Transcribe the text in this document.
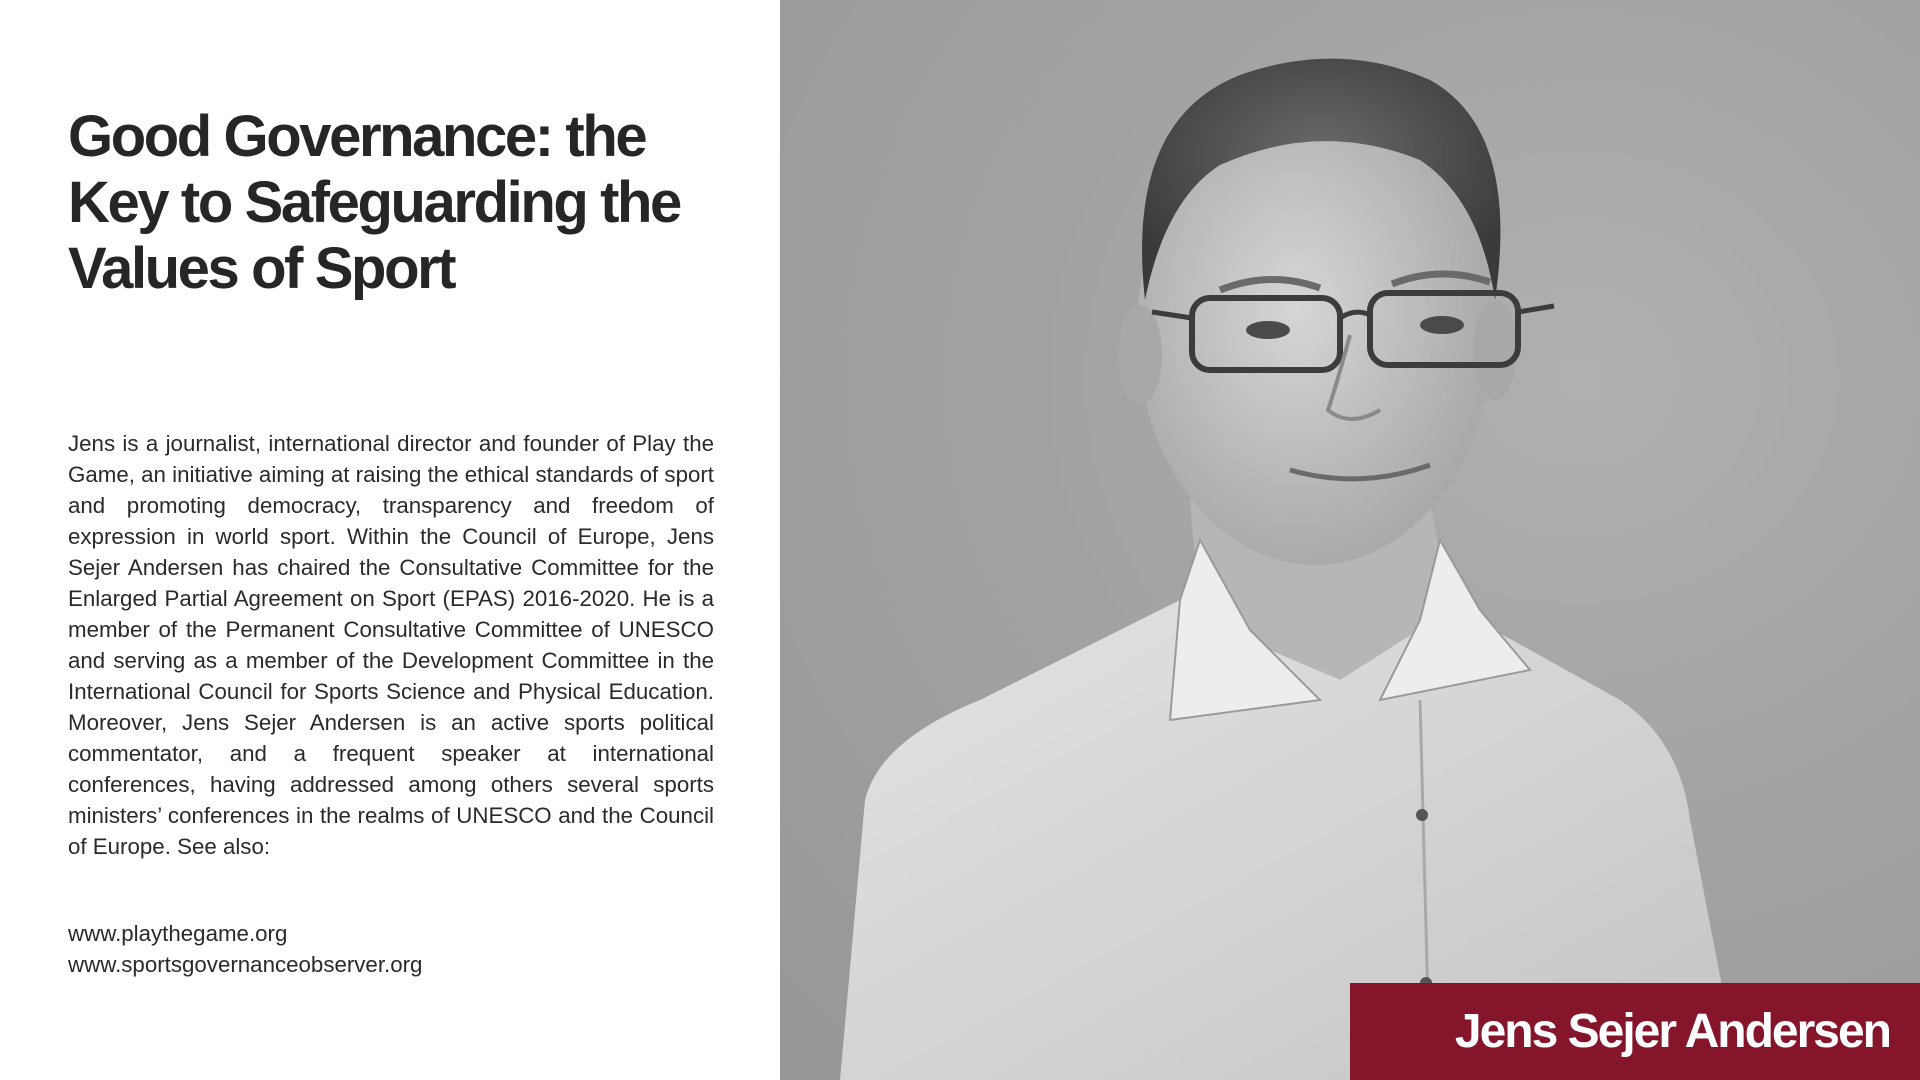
Good Governance: the Key to Safeguarding the Values of Sport

Jens is a journalist, international director and founder of Play the Game, an initiative aiming at raising the ethical standards of sport and promoting democracy, transparency and freedom of expression in world sport. Within the Council of Europe, Jens Sejer Andersen has chaired the Consultative Committee for the Enlarged Partial Agreement on Sport (EPAS) 2016-2020. He is a member of the Permanent Consultative Committee of UNESCO and serving as a member of the Development Committee in the International Council for Sports Science and Physical Education. Moreover, Jens Sejer Andersen is an active sports political commentator, and a frequent speaker at international conferences, having addressed among others several sports ministers’ conferences in the realms of UNESCO and the Council of Europe. See also:

www.playthegame.org
www.sportsgovernanceobserver.org
Jens Sejer Andersen
